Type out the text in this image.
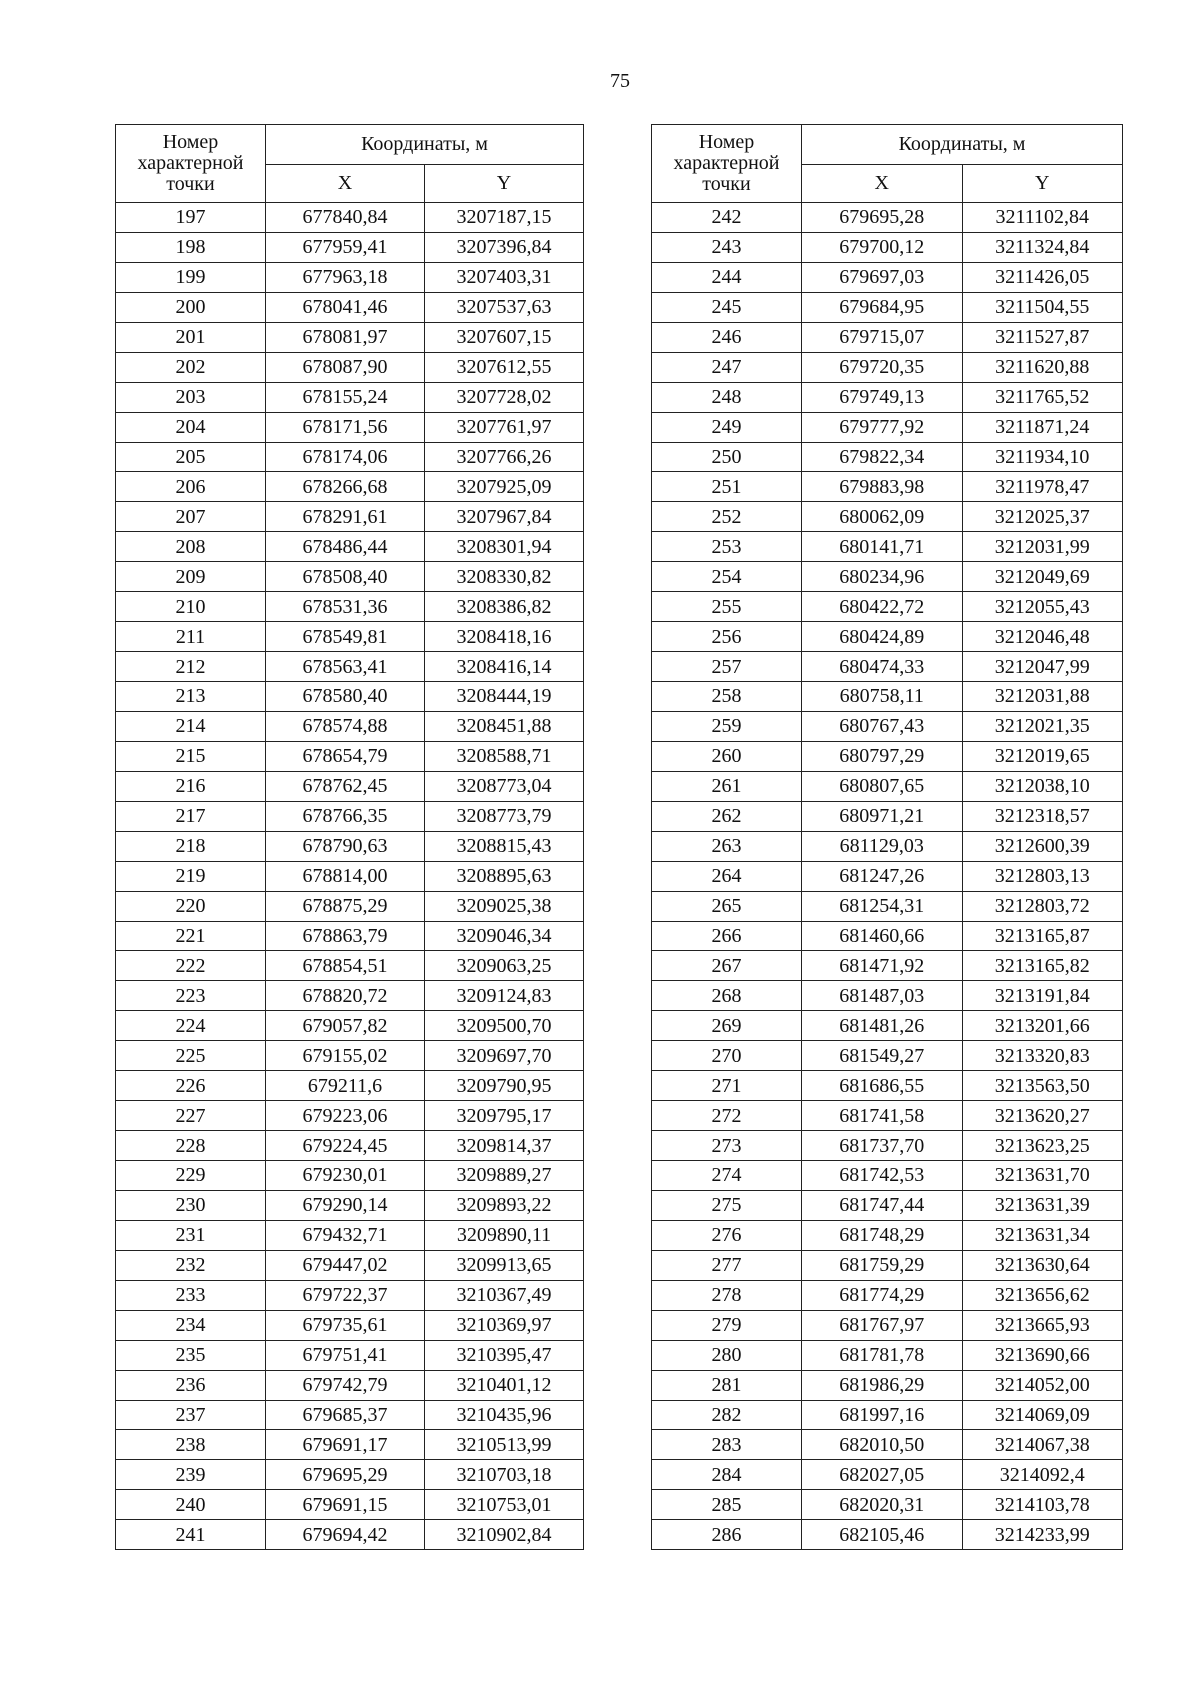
75
Номер характерной точки	Координаты, м	
	X	Y
197	677840,84	3207187,15
198	677959,41	3207396,84
199	677963,18	3207403,31
200	678041,46	3207537,63
201	678081,97	3207607,15
202	678087,90	3207612,55
203	678155,24	3207728,02
204	678171,56	3207761,97
205	678174,06	3207766,26
206	678266,68	3207925,09
207	678291,61	3207967,84
208	678486,44	3208301,94
209	678508,40	3208330,82
210	678531,36	3208386,82
211	678549,81	3208418,16
212	678563,41	3208416,14
213	678580,40	3208444,19
214	678574,88	3208451,88
215	678654,79	3208588,71
216	678762,45	3208773,04
217	678766,35	3208773,79
218	678790,63	3208815,43
219	678814,00	3208895,63
220	678875,29	3209025,38
221	678863,79	3209046,34
222	678854,51	3209063,25
223	678820,72	3209124,83
224	679057,82	3209500,70
225	679155,02	3209697,70
226	679211,6	3209790,95
227	679223,06	3209795,17
228	679224,45	3209814,37
229	679230,01	3209889,27
230	679290,14	3209893,22
231	679432,71	3209890,11
232	679447,02	3209913,65
233	679722,37	3210367,49
234	679735,61	3210369,97
235	679751,41	3210395,47
236	679742,79	3210401,12
237	679685,37	3210435,96
238	679691,17	3210513,99
239	679695,29	3210703,18
240	679691,15	3210753,01
241	679694,42	3210902,84
Номер характерной точки	Координаты, м	
	X	Y
242	679695,28	3211102,84
243	679700,12	3211324,84
244	679697,03	3211426,05
245	679684,95	3211504,55
246	679715,07	3211527,87
247	679720,35	3211620,88
248	679749,13	3211765,52
249	679777,92	3211871,24
250	679822,34	3211934,10
251	679883,98	3211978,47
252	680062,09	3212025,37
253	680141,71	3212031,99
254	680234,96	3212049,69
255	680422,72	3212055,43
256	680424,89	3212046,48
257	680474,33	3212047,99
258	680758,11	3212031,88
259	680767,43	3212021,35
260	680797,29	3212019,65
261	680807,65	3212038,10
262	680971,21	3212318,57
263	681129,03	3212600,39
264	681247,26	3212803,13
265	681254,31	3212803,72
266	681460,66	3213165,87
267	681471,92	3213165,82
268	681487,03	3213191,84
269	681481,26	3213201,66
270	681549,27	3213320,83
271	681686,55	3213563,50
272	681741,58	3213620,27
273	681737,70	3213623,25
274	681742,53	3213631,70
275	681747,44	3213631,39
276	681748,29	3213631,34
277	681759,29	3213630,64
278	681774,29	3213656,62
279	681767,97	3213665,93
280	681781,78	3213690,66
281	681986,29	3214052,00
282	681997,16	3214069,09
283	682010,50	3214067,38
284	682027,05	3214092,4
285	682020,31	3214103,78
286	682105,46	3214233,99
